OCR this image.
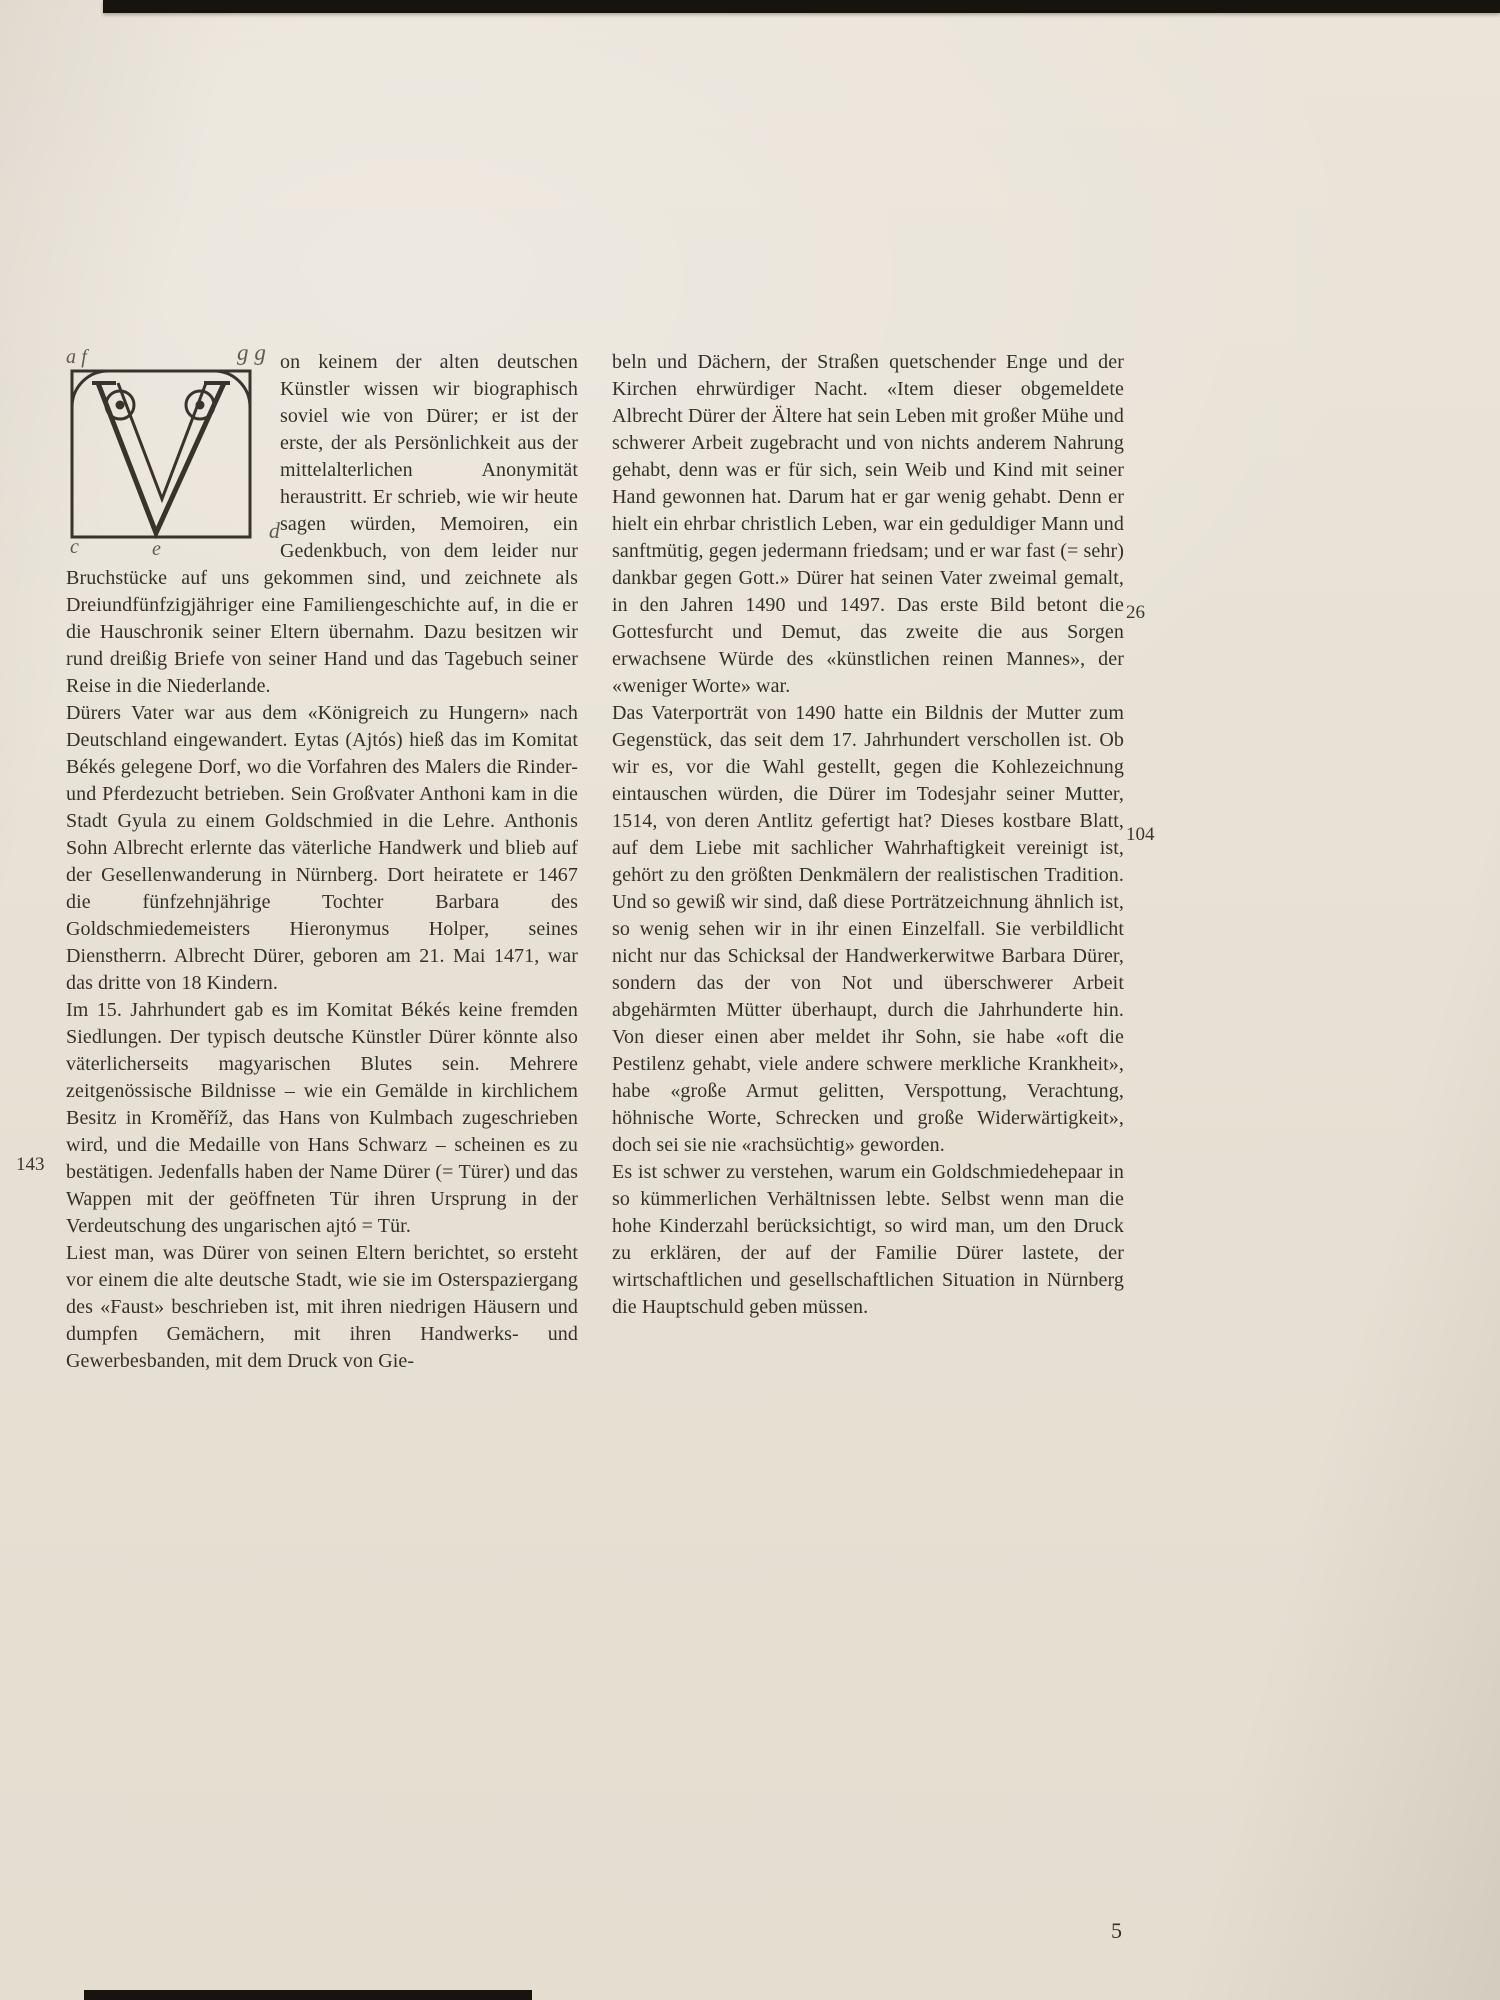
a f	g g
d
c	e
on keinem der alten deutschen Künstler wissen wir biographisch soviel wie von Dürer; er ist der erste, der als Persönlichkeit aus der mittelalterlichen Anonymität heraustritt. Er schrieb, wie wir heute sagen würden, Memoiren, ein Gedenkbuch, von dem leider nur Bruchstücke auf uns gekommen sind, und zeichnete als Dreiundfünfzigjähriger eine Familiengeschichte auf, in die er die Hauschronik seiner Eltern übernahm. Dazu besitzen wir rund dreißig Briefe von seiner Hand und das Tagebuch seiner Reise in die Niederlande.

Dürers Vater war aus dem «Königreich zu Hungern» nach Deutschland eingewandert. Eytas (Ajtós) hieß das im Komitat Békés gelegene Dorf, wo die Vorfahren des Malers die Rinder- und Pferdezucht betrieben. Sein Großvater Anthoni kam in die Stadt Gyula zu einem Goldschmied in die Lehre. Anthonis Sohn Albrecht erlernte das väterliche Handwerk und blieb auf der Gesellenwanderung in Nürnberg. Dort heiratete er 1467 die fünfzehnjährige Tochter Barbara des Goldschmiedemeisters Hieronymus Holper, seines Dienstherrn. Albrecht Dürer, geboren am 21. Mai 1471, war das dritte von 18 Kindern.

Im 15. Jahrhundert gab es im Komitat Békés keine fremden Siedlungen. Der typisch deutsche Künstler Dürer könnte also väterlicherseits magyarischen Blutes sein. Mehrere zeitgenössische Bildnisse – wie ein Gemälde in kirchlichem Besitz in Kroměříž, das Hans von Kulmbach zugeschrieben wird, und die Medaille von Hans Schwarz – scheinen es zu bestätigen. Jedenfalls haben der Name Dürer (= Türer) und das Wappen mit der geöffneten Tür ihren Ursprung in der Verdeutschung des ungarischen ajtó = Tür.

Liest man, was Dürer von seinen Eltern berichtet, so ersteht vor einem die alte deutsche Stadt, wie sie im Osterspaziergang des «Faust» beschrieben ist, mit ihren niedrigen Häusern und dumpfen Gemächern, mit ihren Handwerks- und Gewerbesbanden, mit dem Druck von Gie-

beln und Dächern, der Straßen quetschender Enge und der Kirchen ehrwürdiger Nacht. «Item dieser obgemeldete Albrecht Dürer der Ältere hat sein Leben mit großer Mühe und schwerer Arbeit zugebracht und von nichts anderem Nahrung gehabt, denn was er für sich, sein Weib und Kind mit seiner Hand gewonnen hat. Darum hat er gar wenig gehabt. Denn er hielt ein ehrbar christlich Leben, war ein geduldiger Mann und sanftmütig, gegen jedermann friedsam; und er war fast (= sehr) dankbar gegen Gott.» Dürer hat seinen Vater zweimal gemalt, in den Jahren 1490 und 1497. Das erste Bild betont die Gottesfurcht und Demut, das zweite die aus Sorgen erwachsene Würde des «künstlichen reinen Mannes», der «weniger Worte» war.

Das Vaterporträt von 1490 hatte ein Bildnis der Mutter zum Gegenstück, das seit dem 17. Jahrhundert verschollen ist. Ob wir es, vor die Wahl gestellt, gegen die Kohlezeichnung eintauschen würden, die Dürer im Todesjahr seiner Mutter, 1514, von deren Antlitz gefertigt hat? Dieses kostbare Blatt, auf dem Liebe mit sachlicher Wahrhaftigkeit vereinigt ist, gehört zu den größten Denkmälern der realistischen Tradition. Und so gewiß wir sind, daß diese Porträtzeichnung ähnlich ist, so wenig sehen wir in ihr einen Einzelfall. Sie verbildlicht nicht nur das Schicksal der Handwerkerwitwe Barbara Dürer, sondern das der von Not und überschwerer Arbeit abgehärmten Mütter überhaupt, durch die Jahrhunderte hin. Von dieser einen aber meldet ihr Sohn, sie habe «oft die Pestilenz gehabt, viele andere schwere merkliche Krankheit», habe «große Armut gelitten, Verspottung, Verachtung, höhnische Worte, Schrecken und große Widerwärtigkeit», doch sei sie nie «rachsüchtig» geworden.

Es ist schwer zu verstehen, warum ein Goldschmiedehepaar in so kümmerlichen Verhältnissen lebte. Selbst wenn man die hohe Kinderzahl berücksichtigt, so wird man, um den Druck zu erklären, der auf der Familie Dürer lastete, der wirtschaftlichen und gesellschaftlichen Situation in Nürnberg die Hauptschuld geben müssen.

143
26
104
5
